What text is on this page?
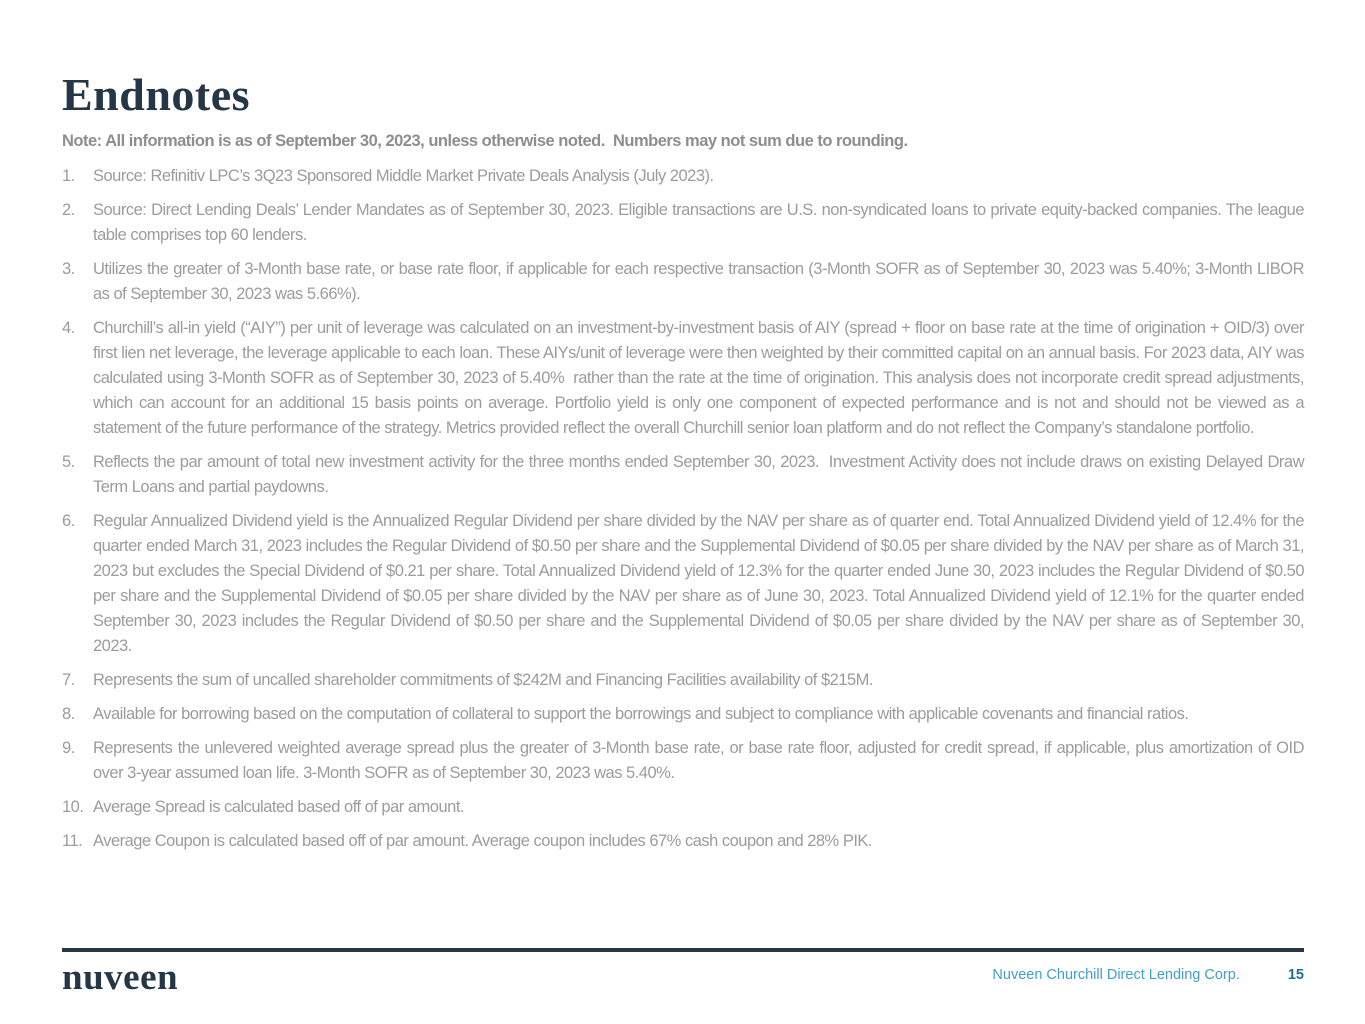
Endnotes

Note: All information is as of September 30, 2023, unless otherwise noted.  Numbers may not sum due to rounding.

1.	Source: Refinitiv LPC’s 3Q23 Sponsored Middle Market Private Deals Analysis (July 2023).
2.	Source: Direct Lending Deals’ Lender Mandates as of September 30, 2023. Eligible transactions are U.S. non-syndicated loans to private equity-backed companies. The league table comprises top 60 lenders.
3.	Utilizes the greater of 3-Month base rate, or base rate floor, if applicable for each respective transaction (3-Month SOFR as of September 30, 2023 was 5.40%; 3-Month LIBOR as of September 30, 2023 was 5.66%).
4.	Churchill’s all-in yield (“AIY”) per unit of leverage was calculated on an investment-by-investment basis of AIY (spread + floor on base rate at the time of origination + OID/3) over first lien net leverage, the leverage applicable to each loan. These AIYs/unit of leverage were then weighted by their committed capital on an annual basis. For 2023 data, AIY was calculated using 3-Month SOFR as of September 30, 2023 of 5.40%  rather than the rate at the time of origination. This analysis does not incorporate credit spread adjustments, which can account for an additional 15 basis points on average. Portfolio yield is only one component of expected performance and is not and should not be viewed as a statement of the future performance of the strategy. Metrics provided reflect the overall Churchill senior loan platform and do not reflect the Company’s standalone portfolio.
5.	Reflects the par amount of total new investment activity for the three months ended September 30, 2023.  Investment Activity does not include draws on existing Delayed Draw Term Loans and partial paydowns.
6.	Regular Annualized Dividend yield is the Annualized Regular Dividend per share divided by the NAV per share as of quarter end. Total Annualized Dividend yield of 12.4% for the quarter ended March 31, 2023 includes the Regular Dividend of $0.50 per share and the Supplemental Dividend of $0.05 per share divided by the NAV per share as of March 31, 2023 but excludes the Special Dividend of $0.21 per share. Total Annualized Dividend yield of 12.3% for the quarter ended June 30, 2023 includes the Regular Dividend of $0.50 per share and the Supplemental Dividend of $0.05 per share divided by the NAV per share as of June 30, 2023. Total Annualized Dividend yield of 12.1% for the quarter ended September 30, 2023 includes the Regular Dividend of $0.50 per share and the Supplemental Dividend of $0.05 per share divided by the NAV per share as of September 30, 2023.
7.	Represents the sum of uncalled shareholder commitments of $242M and Financing Facilities availability of $215M.
8.	Available for borrowing based on the computation of collateral to support the borrowings and subject to compliance with applicable covenants and financial ratios.
9.	Represents the unlevered weighted average spread plus the greater of 3-Month base rate, or base rate floor, adjusted for credit spread, if applicable, plus amortization of OID over 3-year assumed loan life. 3-Month SOFR as of September 30, 2023 was 5.40%.
10. Average Spread is calculated based off of par amount.
11. Average Coupon is calculated based off of par amount. Average coupon includes 67% cash coupon and 28% PIK.
nuveen	Nuveen Churchill Direct Lending Corp.	15
